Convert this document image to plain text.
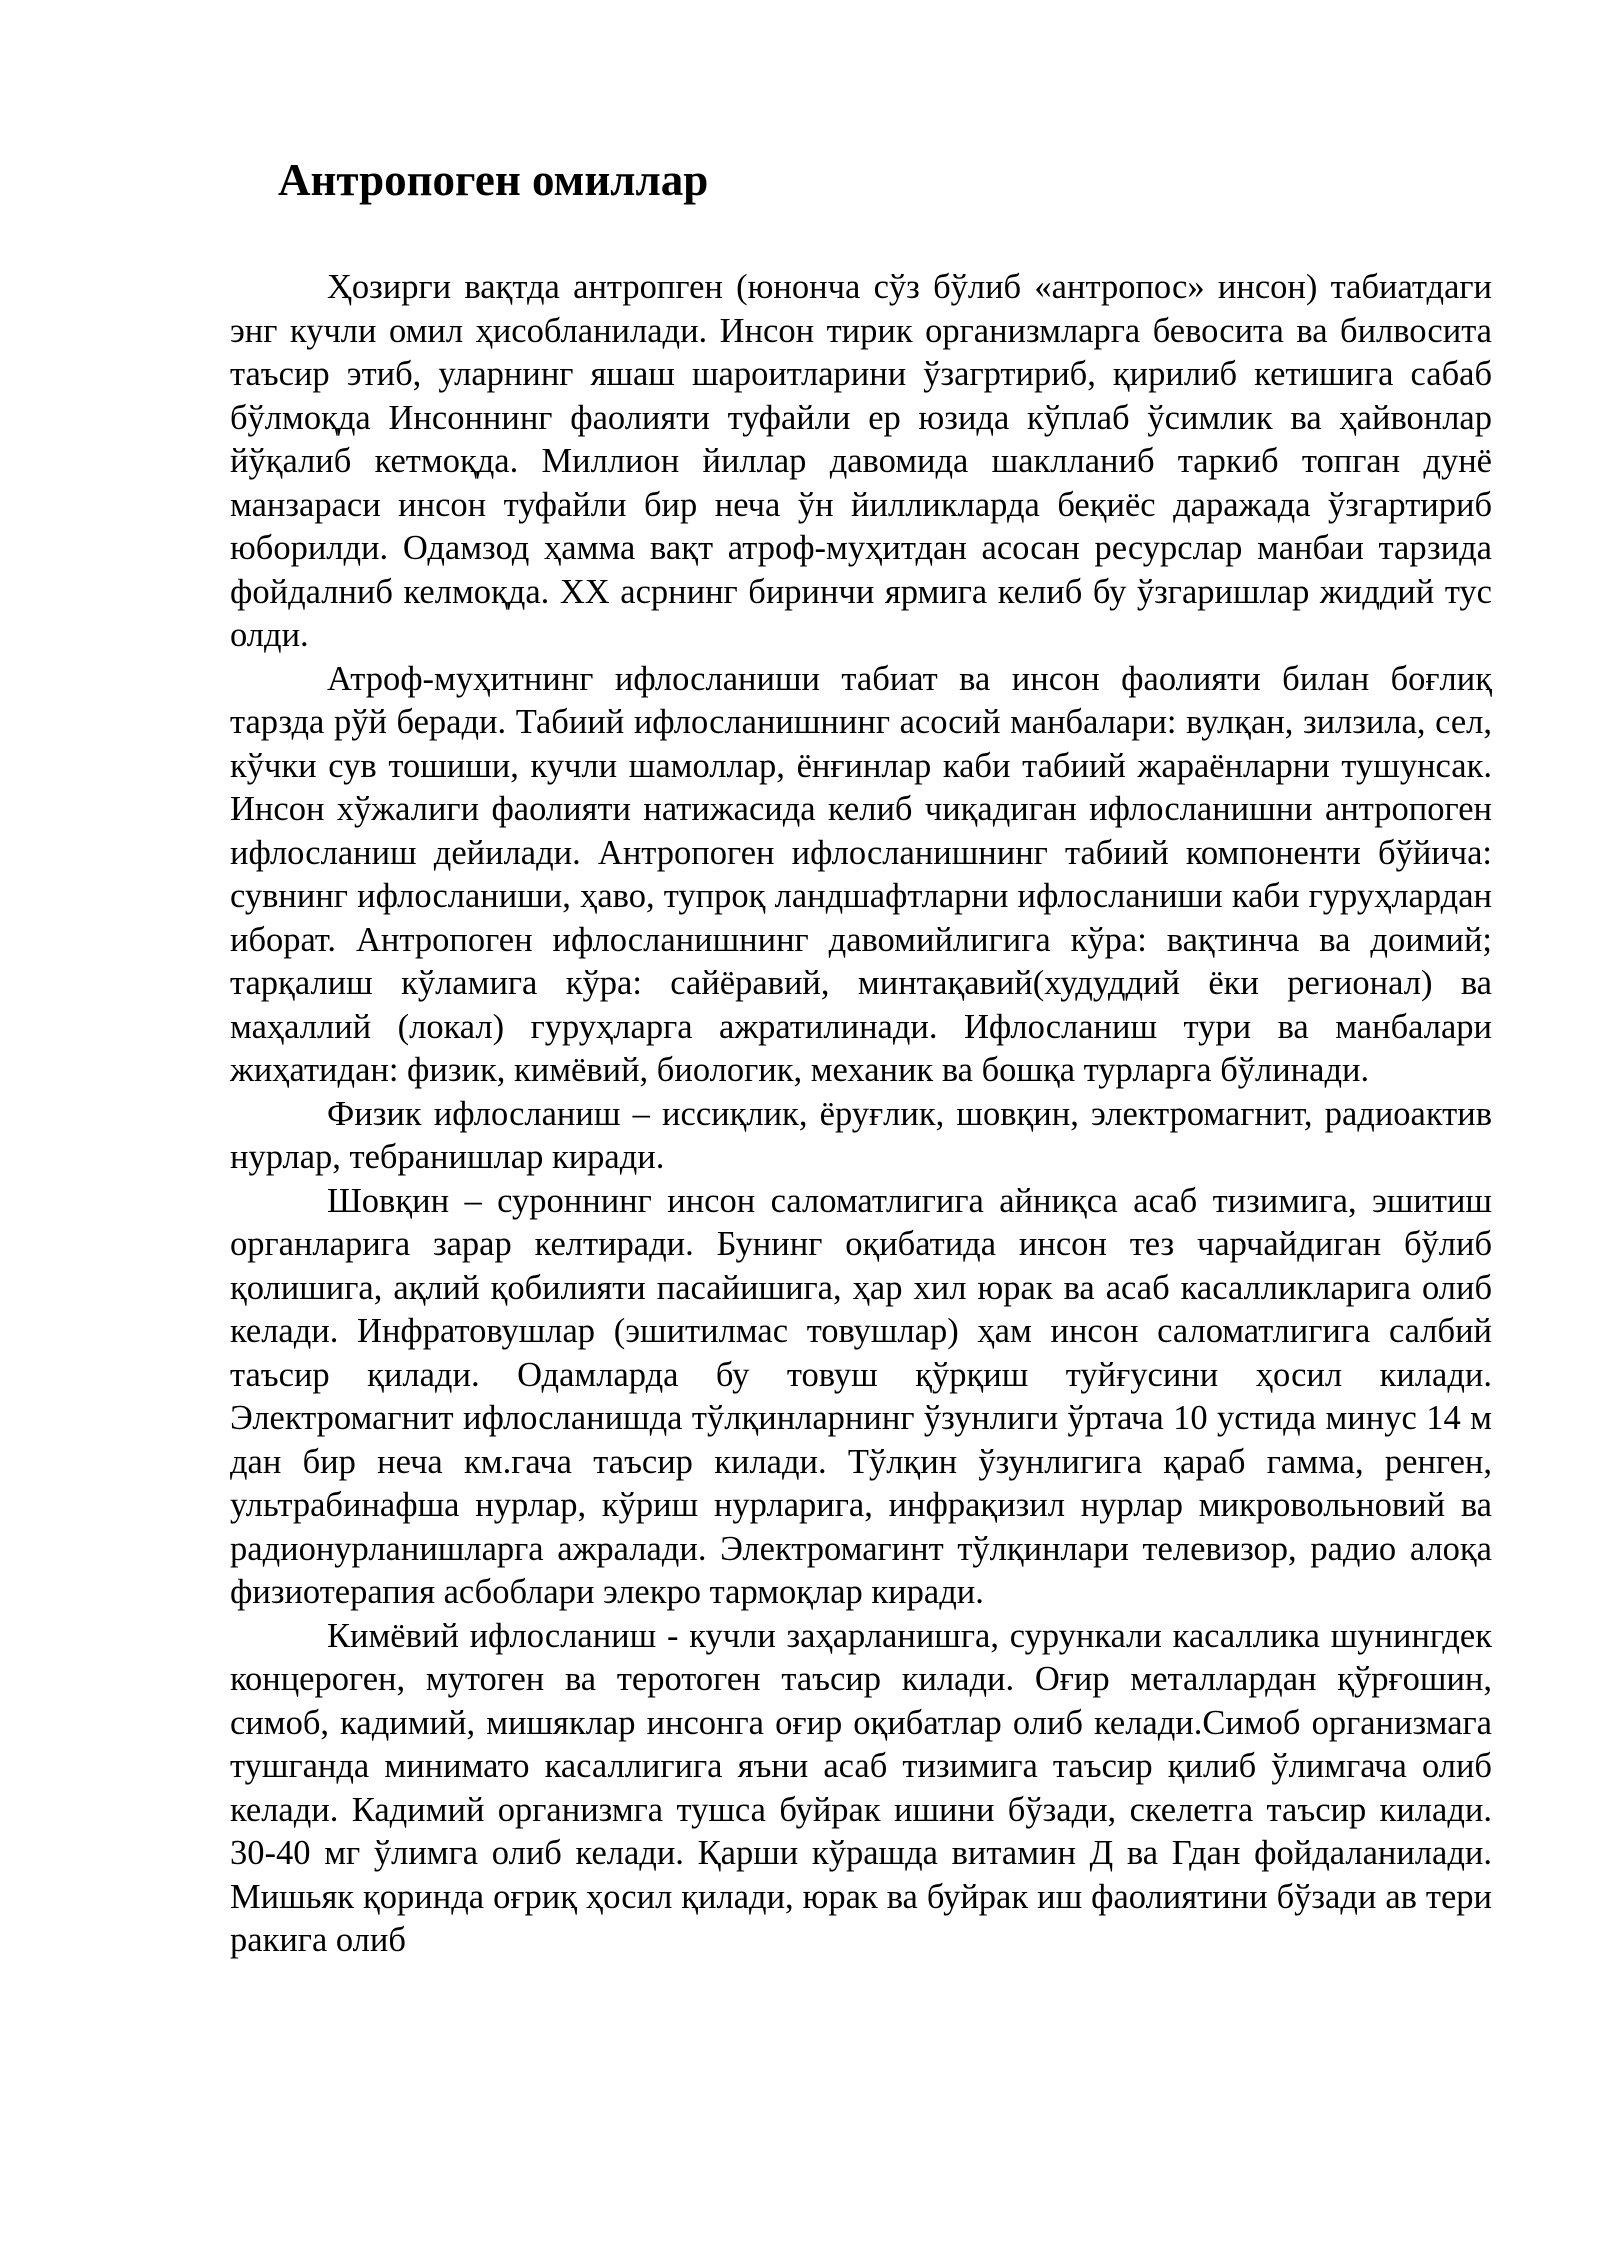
Антропоген омиллар

Ҳозирги вақтда антропген (юнонча сўз бўлиб «антропос» инсон) табиатдаги энг кучли омил ҳисобланилади. Инсон тирик организмларга бевосита ва билвосита таъсир этиб, уларнинг яшаш шароитларини ўзагртириб, қирилиб кетишига сабаб бўлмоқда Инсоннинг фаолияти туфайли ер юзида кўплаб ўсимлик ва ҳайвонлар йўқалиб кетмоқда. Миллион йиллар давомида шаклланиб таркиб топган дунё манзараси инсон туфайли бир неча ўн йилликларда беқиёс даражада ўзгартириб юборилди. Одамзод ҳамма вақт атроф-муҳитдан асосан ресурслар манбаи тарзида фойдалниб келмоқда. ХХ асрнинг биринчи ярмига келиб бу ўзгаришлар жиддий тус олди.

Атроф-муҳитнинг ифлосланиши табиат ва инсон фаолияти билан боғлиқ тарзда рўй беради. Табиий ифлосланишнинг асосий манбалари: вулқан, зилзила, сел, кўчки сув тошиши, кучли шамоллар, ёнғинлар каби табиий жараёнларни тушунсак. Инсон хўжалиги фаолияти натижасида келиб чиқадиган ифлосланишни антропоген ифлосланиш дейилади. Антропоген ифлосланишнинг табиий компоненти бўйича: сувнинг ифлосланиши, ҳаво, тупроқ ландшафтларни ифлосланиши каби гуруҳлардан иборат. Антропоген ифлосланишнинг давомийлигига кўра: вақтинча ва доимий; тарқалиш кўламига кўра: сайёравий, минтақавий(худуддий ёки регионал) ва маҳаллий (локал) гуруҳларга ажратилинади. Ифлосланиш тури ва манбалари жиҳатидан: физик, кимёвий, биологик, механик ва бошқа турларга бўлинади.

Физик ифлосланиш – иссиқлик, ёруғлик, шовқин, электромагнит, радиоактив нурлар, тебранишлар киради.

Шовқин – суроннинг инсон саломатлигига айниқса асаб тизимига, эшитиш органларига зарар келтиради. Бунинг оқибатида инсон тез чарчайдиган бўлиб қолишига, ақлий қобилияти пасайишига, ҳар хил юрак ва асаб касалликларига олиб келади. Инфратовушлар (эшитилмас товушлар) ҳам инсон саломатлигига салбий таъсир қилади. Одамларда бу товуш қўрқиш туйғусини ҳосил килади. Электромагнит ифлосланишда тўлқинларнинг ўзунлиги ўртача 10 устида минус 14 м дан бир неча км.гача таъсир килади. Тўлқин ўзунлигига қараб гамма, ренген, ультрабинафша нурлар, кўриш нурларига, инфрақизил нурлар микровольновий ва радионурланишларга ажралади. Электромагинт тўлқинлари телевизор, радио алоқа физиотерапия асбоблари элекро тармоқлар киради.

Кимёвий ифлосланиш - кучли заҳарланишга, сурункали касаллика шунингдек концероген, мутоген ва теротоген таъсир килади. Оғир металлардан қўрғошин, симоб, кадимий, мишяклар инсонга оғир оқибатлар олиб келади.Симоб организмага тушганда минимато касаллигига яъни асаб тизимига таъсир қилиб ўлимгача олиб келади. Кадимий организмга тушса буйрак ишини бўзади, скелетга таъсир килади. 30-40 мг ўлимга олиб келади. Қарши кўрашда витамин Д ва Гдан фойдаланилади. Мишьяк қоринда оғриқ ҳосил қилади, юрак ва буйрак иш фаолиятини бўзади ав тери ракига олиб
